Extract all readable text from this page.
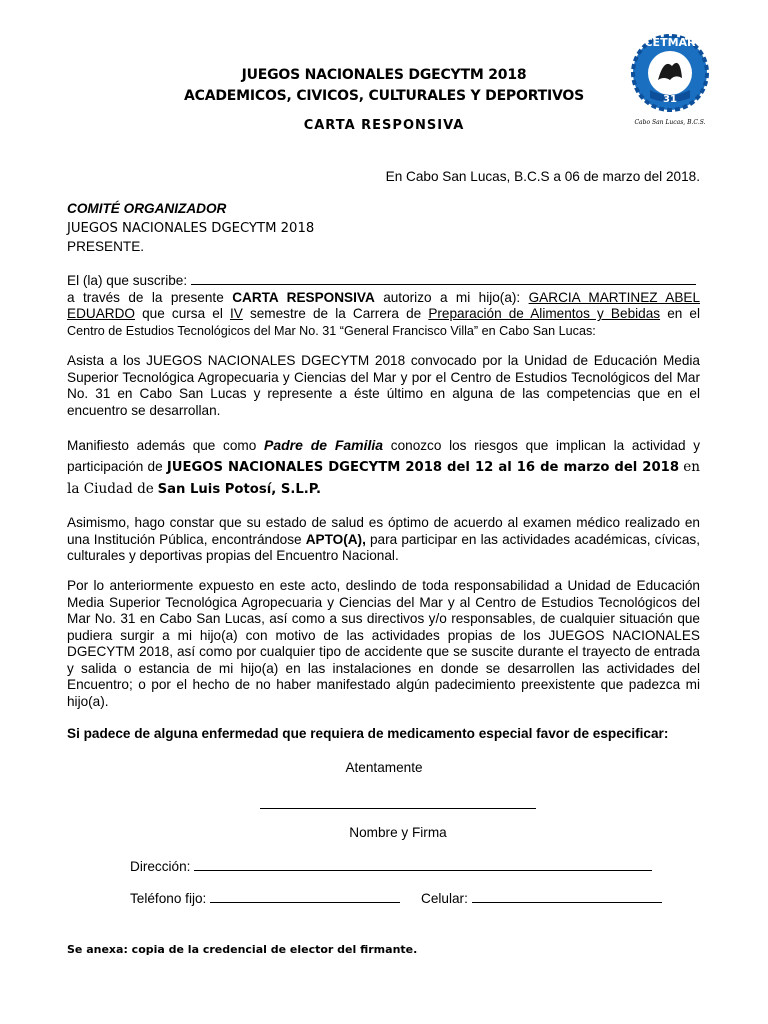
CETMAR
31
Cabo San Lucas, B.C.S.
JUEGOS NACIONALES DGECYTM 2018
ACADEMICOS, CIVICOS, CULTURALES Y DEPORTIVOS
CARTA RESPONSIVA
En Cabo San Lucas, B.C.S a 06 de marzo del 2018.
COMITÉ ORGANIZADOR
JUEGOS NACIONALES DGECYTM 2018
PRESENTE.
El (la) que suscribe:
a través de la presente CARTA RESPONSIVA autorizo a mi hijo(a): GARCIA MARTINEZ ABEL
EDUARDO que cursa el IV semestre de la Carrera de Preparación de Alimentos y Bebidas en el
Centro de Estudios Tecnológicos del Mar No. 31 “General Francisco Villa” en Cabo San Lucas:
Asista a los JUEGOS NACIONALES DGECYTM 2018 convocado por la Unidad de Educación Media Superior Tecnológica Agropecuaria y Ciencias del Mar y por el Centro de Estudios Tecnológicos del Mar No. 31 en Cabo San Lucas y represente a éste último en alguna de las competencias que en el encuentro se desarrollan.
Manifiesto además que como Padre de Familia conozco los riesgos que implican la actividad y participación de JUEGOS NACIONALES DGECYTM 2018 del 12 al 16 de marzo del 2018 en la Ciudad de San Luis Potosí, S.L.P.
Asimismo, hago constar que su estado de salud es óptimo de acuerdo al examen médico realizado en una Institución Pública, encontrándose APTO(A), para participar en las actividades académicas, cívicas, culturales y deportivas propias del Encuentro Nacional.
Por lo anteriormente expuesto en este acto, deslindo de toda responsabilidad a Unidad de Educación Media Superior Tecnológica Agropecuaria y Ciencias del Mar y al Centro de Estudios Tecnológicos del Mar No. 31 en Cabo San Lucas, así como a sus directivos y/o responsables, de cualquier situación que pudiera surgir a mi hijo(a) con motivo de las actividades propias de los JUEGOS NACIONALES DGECYTM 2018, así como por cualquier tipo de accidente que se suscite durante el trayecto de entrada y salida o estancia de mi hijo(a) en las instalaciones en donde se desarrollen las actividades del Encuentro; o por el hecho de no haber manifestado algún padecimiento preexistente que padezca mi hijo(a).
Si padece de alguna enfermedad que requiera de medicamento especial favor de especificar:
Atentamente
Nombre y Firma
Dirección:
Teléfono fijo:	Celular:
Se anexa: copia de la credencial de elector del firmante.
